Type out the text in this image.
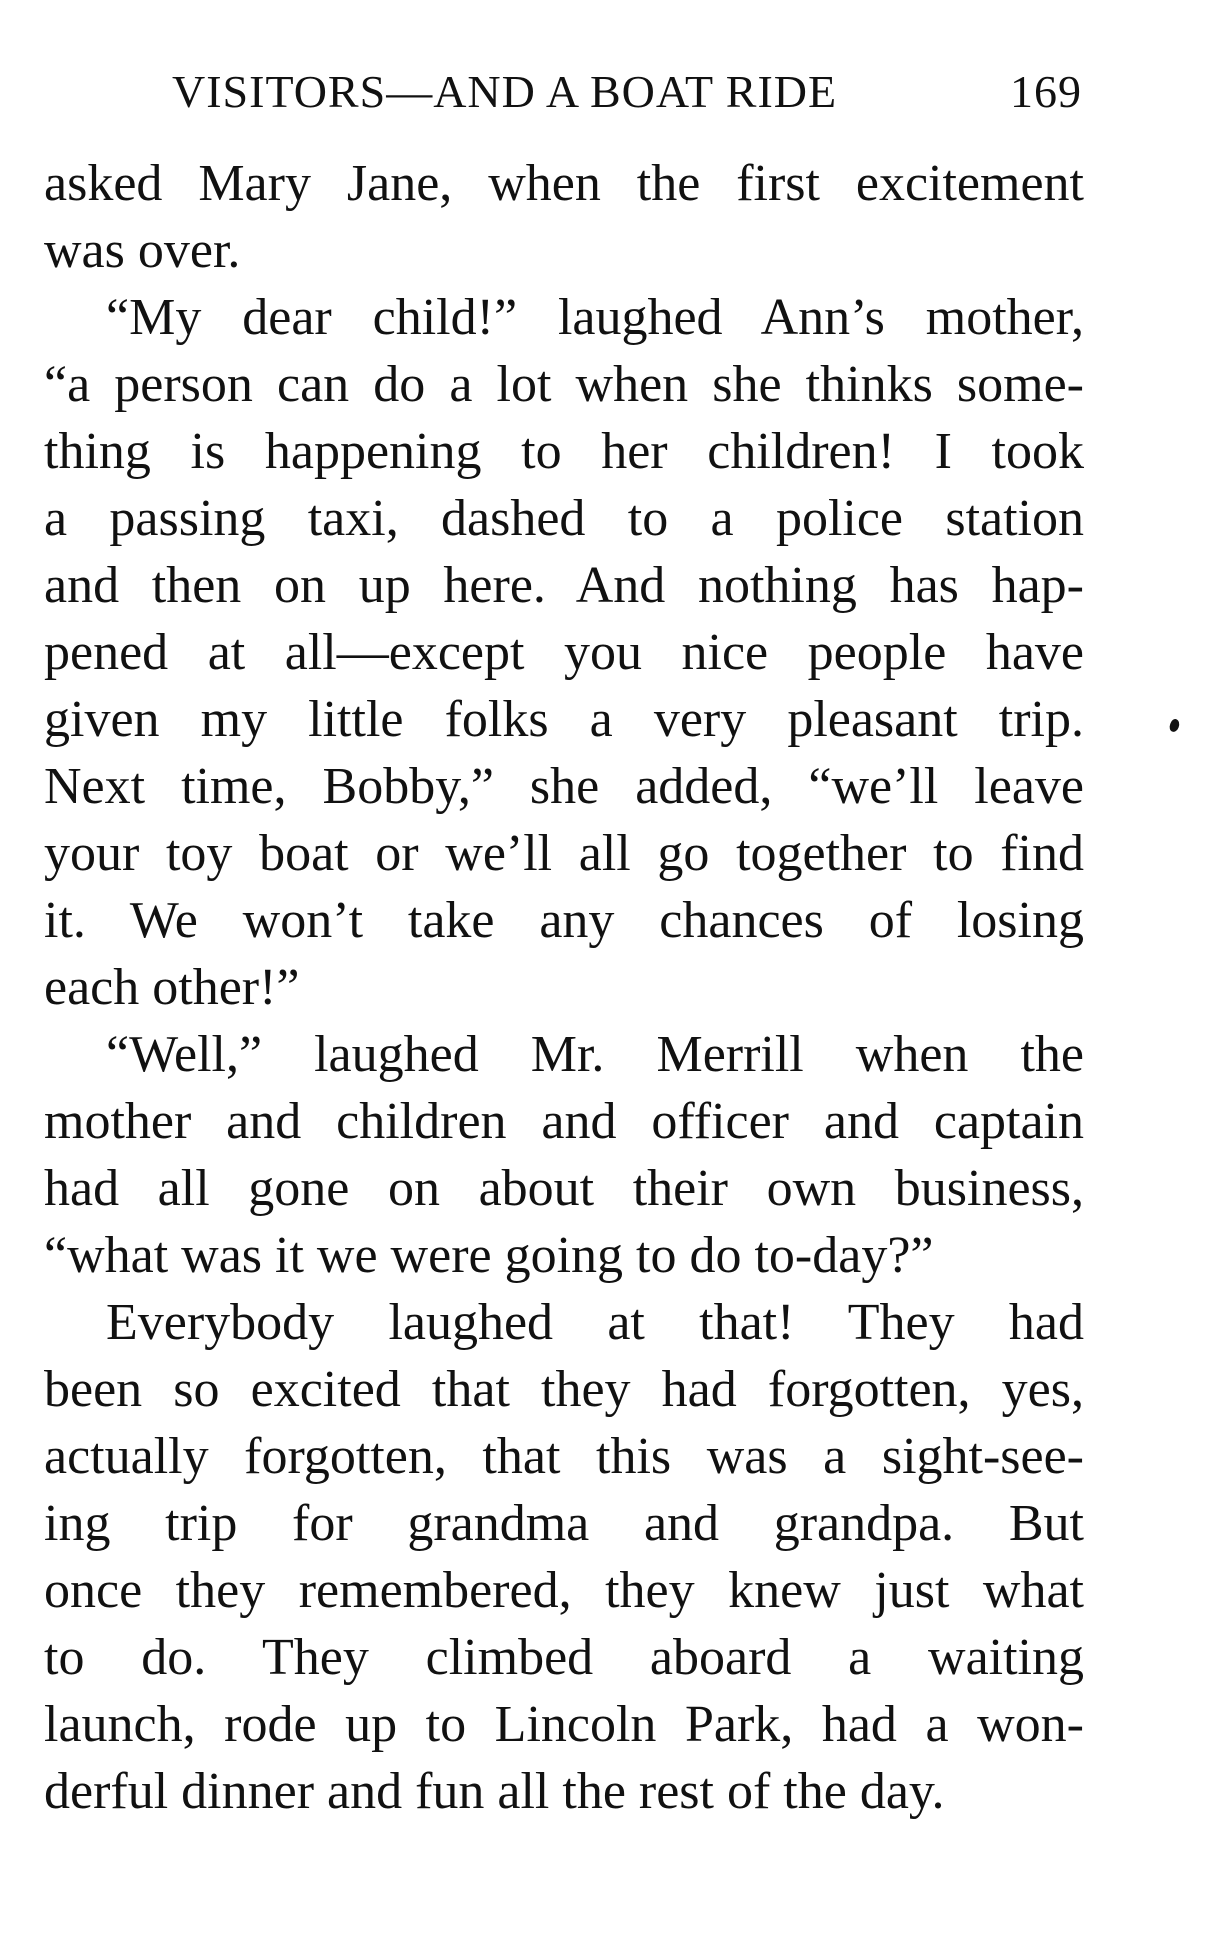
VISITORS—AND A BOAT RIDE	169
asked Mary Jane, when the first excitement
was over.
“My dear child!” laughed Ann’s mother,
“a person can do a lot when she thinks some-
thing is happening to her children! I took
a passing taxi, dashed to a police station
and then on up here. And nothing has hap-
pened at all—except you nice people have
given my little folks a very pleasant trip.
Next time, Bobby,” she added, “we’ll leave
your toy boat or we’ll all go together to find
it. We won’t take any chances of losing
each other!”
“Well,” laughed Mr. Merrill when the
mother and children and officer and captain
had all gone on about their own business,
“what was it we were going to do to-day?”
Everybody laughed at that! They had
been so excited that they had forgotten, yes,
actually forgotten, that this was a sight-see-
ing trip for grandma and grandpa. But
once they remembered, they knew just what
to do. They climbed aboard a waiting
launch, rode up to Lincoln Park, had a won-
derful dinner and fun all the rest of the day.
